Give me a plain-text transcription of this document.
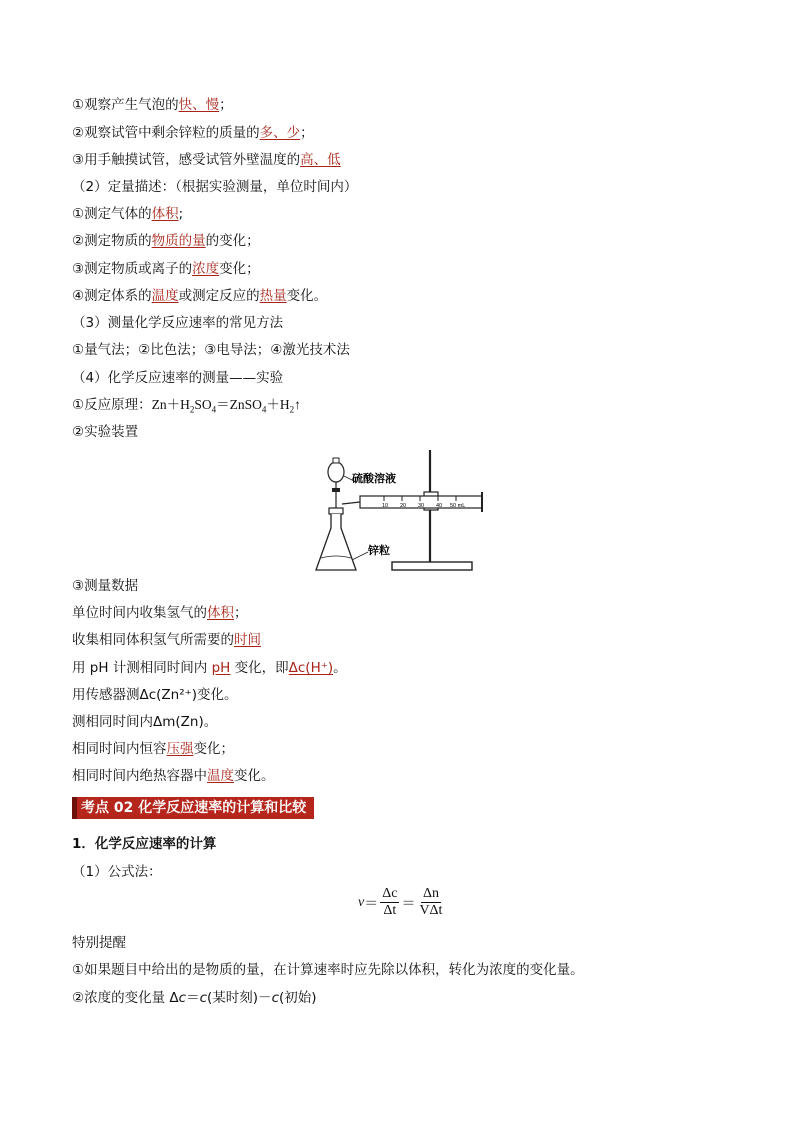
①观察产生气泡的快、慢；
②观察试管中剩余锌粒的质量的多、少；
③用手触摸试管，感受试管外壁温度的高、低
（2）定量描述：（根据实验测量，单位时间内）
①测定气体的体积;
②测定物质的物质的量的变化；
③测定物质或离子的浓度变化；
④测定体系的温度或测定反应的热量变化。
（3）测量化学反应速率的常见方法
①量气法；②比色法；③电导法；④激光技术法
（4）化学反应速率的测量——实验
①反应原理：$Zn+H_2SO_4=ZnSO_4+H_2↑$
②实验装置
10 20 30 40 50 mL
硫酸溶液
锌粒
③测量数据
单位时间内收集氢气的体积；
收集相同体积氢气所需要的时间
用 pH 计测相同时间内 pH 变化，即Δc(H⁺)。
用传感器测Δc(Zn²⁺)变化。
测相同时间内Δm(Zn)。
相同时间内恒容压强变化；
相同时间内绝热容器中温度变化。
考点 02 化学反应速率的计算和比较
1．化学反应速率的计算
（1）公式法：
$v = \frac{\Delta c}{\Delta t} = \frac{\Delta n}{\text{VΔt}}$
特别提醒
①如果题目中给出的是物质的量，在计算速率时应先除以体积，转化为浓度的变化量。
②浓度的变化量 Δc＝c(某时刻)－c(初始)
